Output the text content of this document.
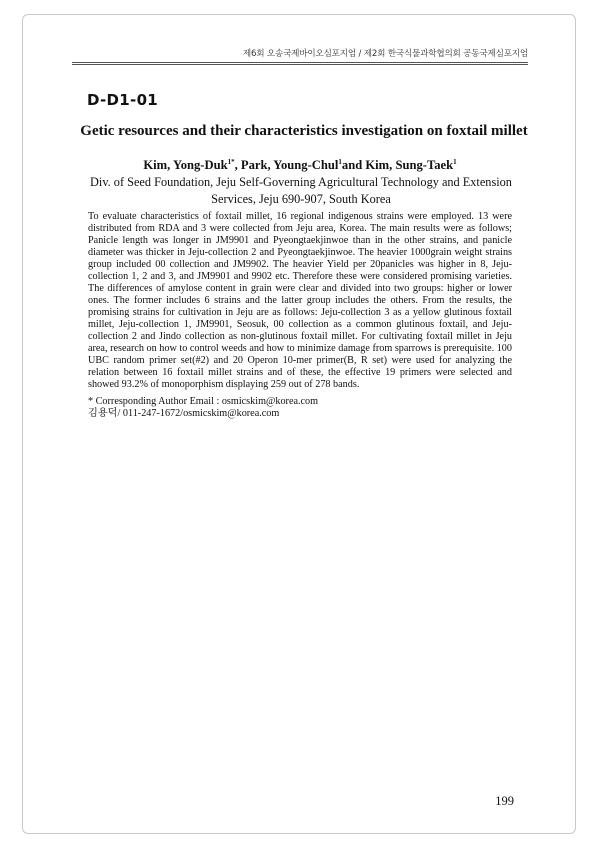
제6회 오송국제바이오심포지엄 / 제2회 한국식물과학협의회 공동국제심포지엄
D-D1-01
Getic resources and their characteristics investigation on foxtail millet
Kim, Yong-Duk$^{1*}$, Park, Young-Chul$^1$and Kim, Sung-Taek$^1$
Div. of Seed Foundation, Jeju Self-Governing Agricultural Technology and Extension
Services, Jeju 690-907, South Korea

To evaluate characteristics of foxtail millet, 16 regional indigenous strains were employed. 13 were distributed from RDA and 3 were collected from Jeju area, Korea. The main results were as follows; Panicle length was longer in JM9901 and Pyeongtaekjinwoe than in the other strains, and panicle diameter was thicker in Jeju-collection 2 and Pyeongtaekjinwoe. The heavier 1000grain weight strains group included 00 collection and JM9902. The heavier Yield per 20panicles was higher in 8, Jeju-collection 1, 2 and 3, and JM9901 and 9902 etc. Therefore these were considered promising varieties. The differences of amylose content in grain were clear and divided into two groups: higher or lower ones. The former includes 6 strains and the latter group includes the others. From the results, the promising strains for cultivation in Jeju are as follows: Jeju-collection 3 as a yellow glutinous foxtail millet, Jeju-collection 1, JM9901, Seosuk, 00 collection as a common glutinous foxtail, and Jeju-collection 2 and Jindo collection as non-glutinous foxtail millet. For cultivating foxtail millet in Jeju area, research on how to control weeds and how to minimize damage from sparrows is prerequisite. 100 UBC random primer set(#2) and 20 Operon 10-mer primer(B, R set) were used for analyzing the relation between 16 foxtail millet strains and of these, the effective 19 primers were selected and showed 93.2% of monoporphism displaying 259 out of 278 bands.

* Corresponding Author Email : osmicskim@korea.com
김용덕/ 011-247-1672/osmicskim@korea.com
199
